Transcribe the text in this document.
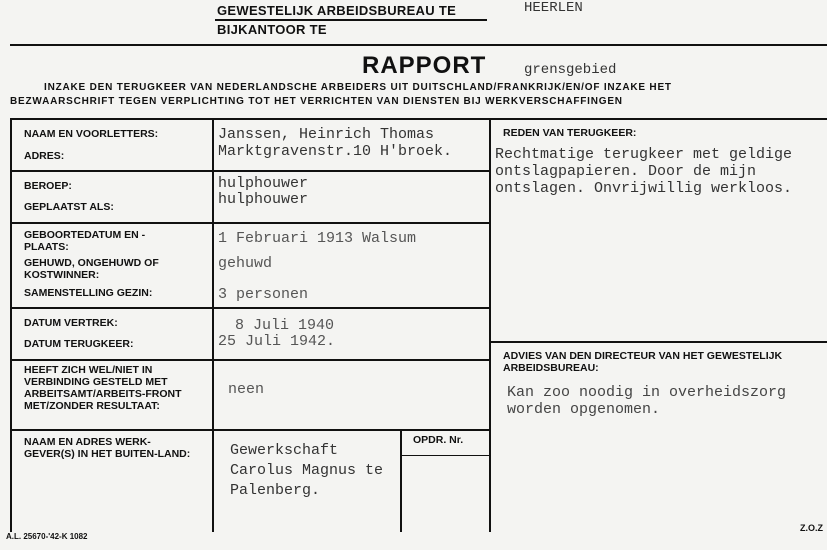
GEWESTELIJK ARBEIDSBUREAU TE	HEERLEN
BIJKANTOOR TE
RAPPORT	grensgebied
INZAKE DEN TERUGKEER VAN NEDERLANDSCHE ARBEIDERS UIT DUITSCHLAND/FRANKRIJK/EN/OF INZAKE HET
BEZWAARSCHRIFT TEGEN VERPLICHTING TOT HET VERRICHTEN VAN DIENSTEN BIJ WERKVERSCHAFFINGEN
NAAM EN VOORLETTERS:
ADRES:
BEROEP:
GEPLAATST ALS:
GEBOORTEDATUM EN -PLAATS:
GEHUWD, ONGEHUWD OF KOSTWINNER:
SAMENSTELLING GEZIN:
DATUM VERTREK:
DATUM TERUGKEER:
HEEFT ZICH WEL/NIET IN VERBINDING GESTELD MET ARBEITSAMT/ARBEITS-FRONT MET/ZONDER RESULTAAT:
NAAM EN ADRES WERK-GEVER(S) IN HET BUITEN-LAND:
OPDR. Nr.
Janssen, Heinrich Thomas
Marktgravenstr.10 H'broek.
hulphouwer
hulphouwer
1 Februari 1913 Walsum
gehuwd
3 personen
8 Juli 1940
25 Juli 1942.
neen
Gewerkschaft Carolus Magnus te Palenberg.
REDEN VAN TERUGKEER:
Rechtmatige terugkeer met geldige ontslagpapieren. Door de mijn ontslagen. Onvrijwillig werkloos.
ADVIES VAN DEN DIRECTEUR VAN HET GEWESTELIJK ARBEIDSBUREAU:
Kan zoo noodig in overheidszorg worden opgenomen.
A.L. 25670-'42-K 1082
Z.O.Z
